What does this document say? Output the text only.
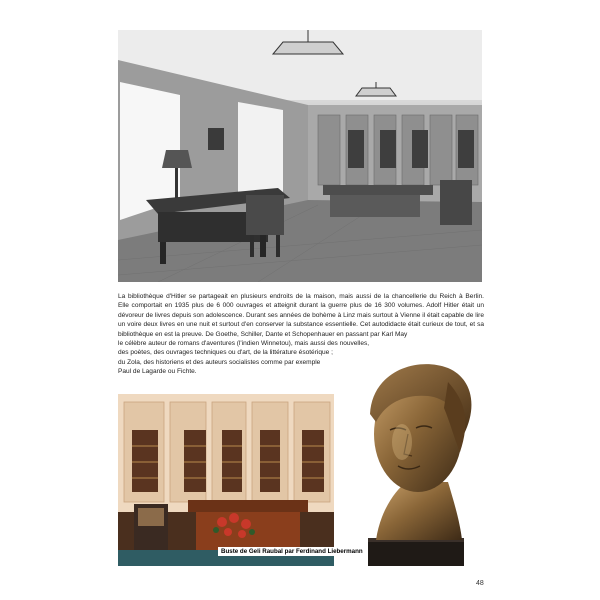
La bibliothèque d'Hitler se partageait en plusieurs endroits de la maison, mais aussi de la chancellerie du Reich à Berlin.
Elle comportait en 1935 plus de 6 000 ouvrages et atteignit durant la guerre plus de 16 300 volumes. Adolf Hitler était un
dévoreur de livres depuis son adolescence. Durant ses années de bohème à Linz mais surtout à Vienne il était capable de lire
un voire deux livres en une nuit et surtout d'en conserver la substance essentielle. Cet autodidacte était curieux de tout, et sa
bibliothèque en est la preuve. De Goethe, Schiller, Dante et Schopenhauer en passant par Karl May
le célèbre auteur de romans d'aventures (l'indien Winnetou), mais aussi des nouvelles,
des poètes, des ouvrages techniques ou d'art, de la littérature ésotérique ;
du Zola, des historiens et des auteurs socialistes comme par exemple
Paul de Lagarde ou Fichte.
Buste de Geli Raubal par Ferdinand Liebermann
48
